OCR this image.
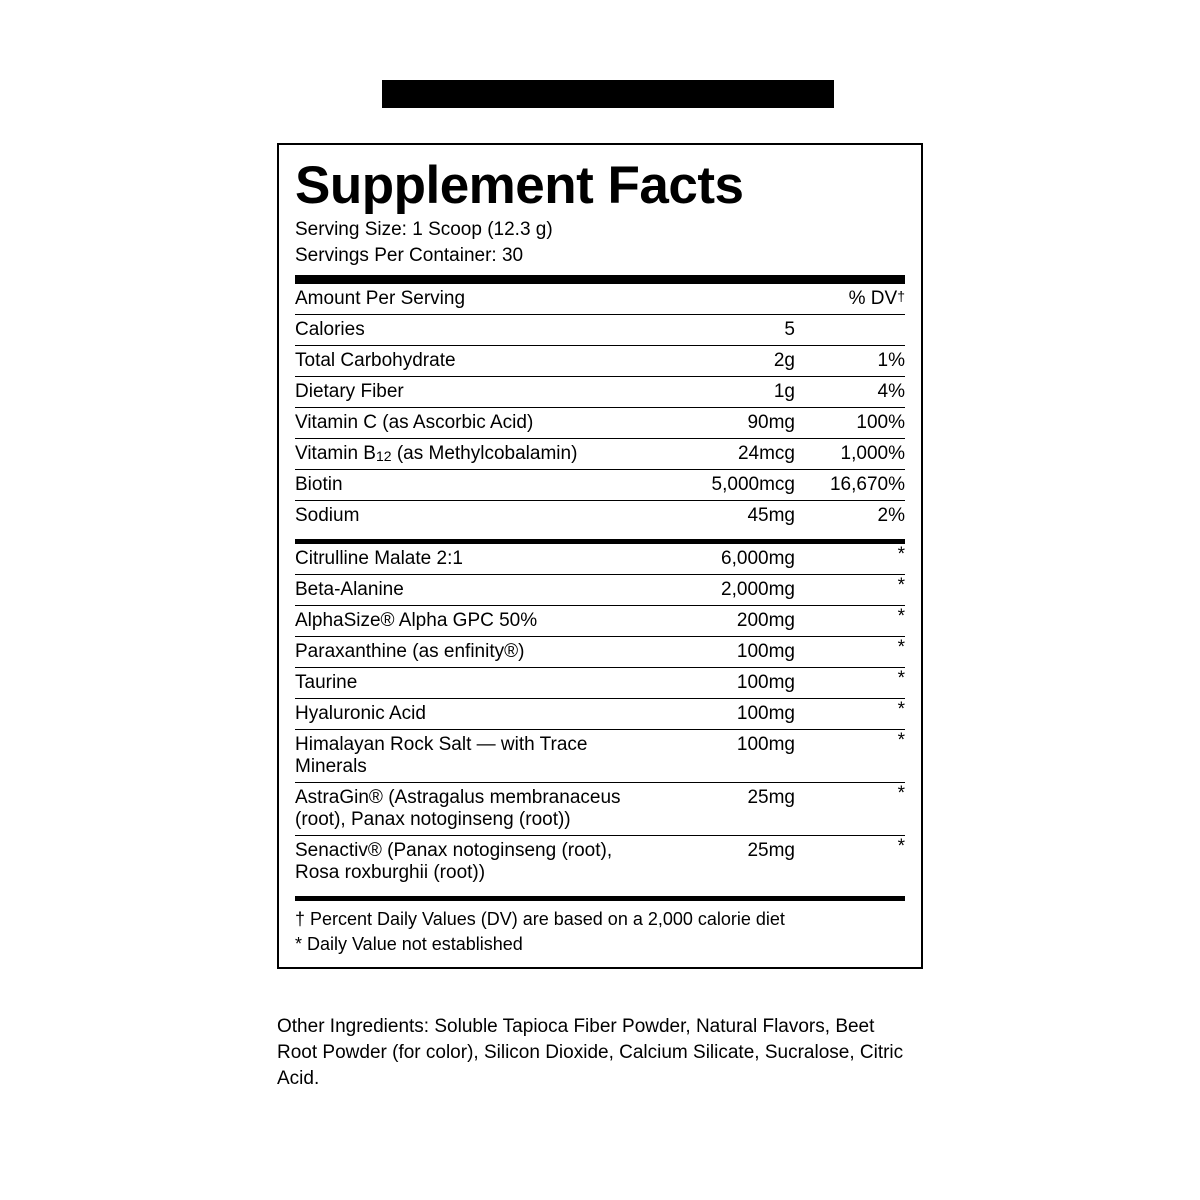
Supplement Facts
Serving Size: 1 Scoop (12.3 g)
Servings Per Container: 30
Amount Per Serving		% DV†
Calories	5	
Total Carbohydrate	2g	1%
Dietary Fiber	1g	4%
Vitamin C (as Ascorbic Acid)	90mg	100%
Vitamin B12 (as Methylcobalamin)	24mcg	1,000%
Biotin	5,000mcg	16,670%
Sodium	45mg	2%
Citrulline Malate 2:1	6,000mg	*
Beta-Alanine	2,000mg	*
AlphaSize® Alpha GPC 50%	200mg	*
Paraxanthine (as enfinity®)	100mg	*
Taurine	100mg	*
Hyaluronic Acid	100mg	*
Himalayan Rock Salt — with Trace Minerals	100mg	*
AstraGin® (Astragalus membranaceus (root), Panax notoginseng (root))	25mg	*
Senactiv® (Panax notoginseng (root), Rosa roxburghii (root))	25mg	*
† Percent Daily Values (DV) are based on a 2,000 calorie diet
* Daily Value not established
Other Ingredients: Soluble Tapioca Fiber Powder, Natural Flavors, Beet Root Powder (for color), Silicon Dioxide, Calcium Silicate, Sucralose, Citric Acid.
